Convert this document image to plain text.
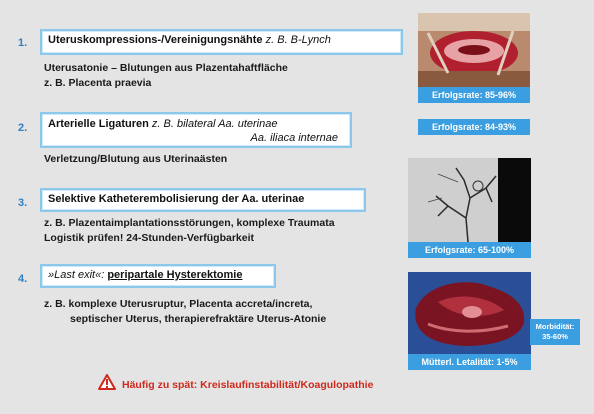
1.	Uteruskompressions-/Vereinigungsnähte z. B. B-Lynch
Uterusatonie – Blutungen aus Plazentahaftfläche
z. B. Placenta praevia
Erfolgsrate: 85-96%
2. Arterielle Ligaturen z. B. bilateral Aa. uterinae
Aa. iliaca internae
Verletzung/Blutung aus Uterinaästen
Erfolgsrate: 84-93%
3.	Selektive Katheterembolisierung der Aa. uterinae
z. B. Plazentaimplantationsstörungen, komplexe Traumata
Logistik prüfen! 24-Stunden-Verfügbarkeit
Erfolgsrate: 65-100%
4.	»Last exit«: peripartale Hysterektomie
z. B. komplexe Uterusruptur, Placenta accreta/increta,
septischer Uterus, therapierefraktäre Uterus-Atonie
Mütterl. Letalität: 1-5%
Morbidität:
35-60%
Häufig zu spät: Kreislaufinstabilität/Koagulopathie
